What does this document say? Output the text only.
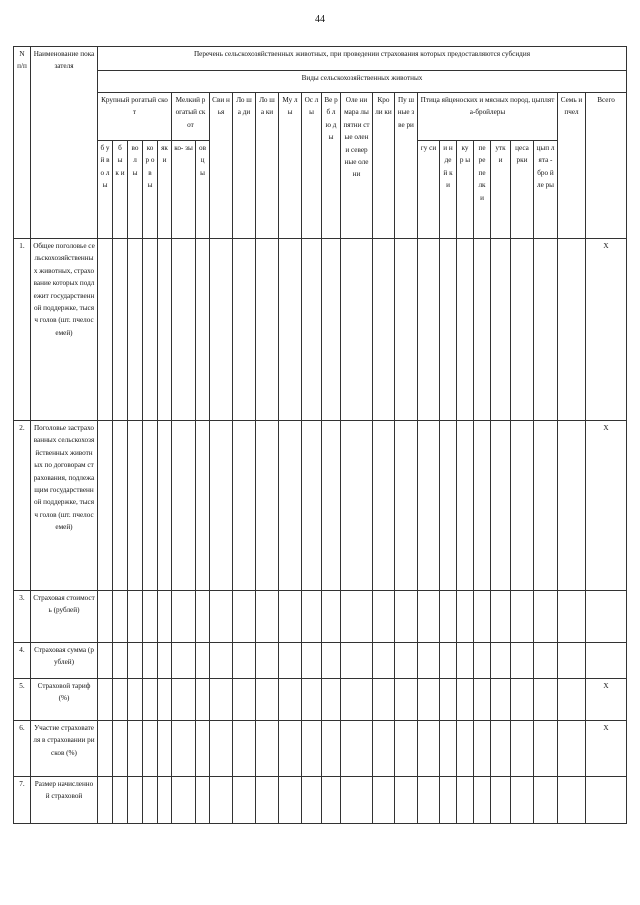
44
N п/п	Наименование показателя	Перечень сельскохозяйственных животных, при проведении страхования которых предоставляются субсидия																								
		Виды сельскохозяйственных животных																								
		Крупный рогатый скот					Мелкий рогатый скот		Сви нья	Ло ша ди	Ло ша ки	Му лы	Ос лы	Ве рб л ю д ы	Оле ни мара лы пятни стые олени север ные олени	Кро ли ки	Пу ш ные зве ри	Птица яйценоских и мясных пород, цыплята-бройлеры							Семь и пчел	Всего
		б у й в о л ы	б ы к и	во л ы	ко р ов ы	як и	ко- зы	ов ц ы										гу си	и н де й к и	ку р ы	пе ре пе лк и	утк и	цеса рки	цып лята - бро йле ры		
1.	Общее поголовье сельскохозяйственных животных, страхование которых подлежит государственной поддержке, тысяч голов (шт. пчелосемей)																									X
2.	Поголовье застрахованных сельскохозяйственных животных по договорам страхования, подлежащим государственной поддержке, тысяч голов (шт. пчелосемей)																									X
3.	Страховая стоимость (рублей)																									
4.	Страховая сумма (рублей)																									
5.	Страховой тариф (%)																									X
6.	Участие страхователя в страховании рисков (%)																									X
7.	Размер начисленной страховой																									
